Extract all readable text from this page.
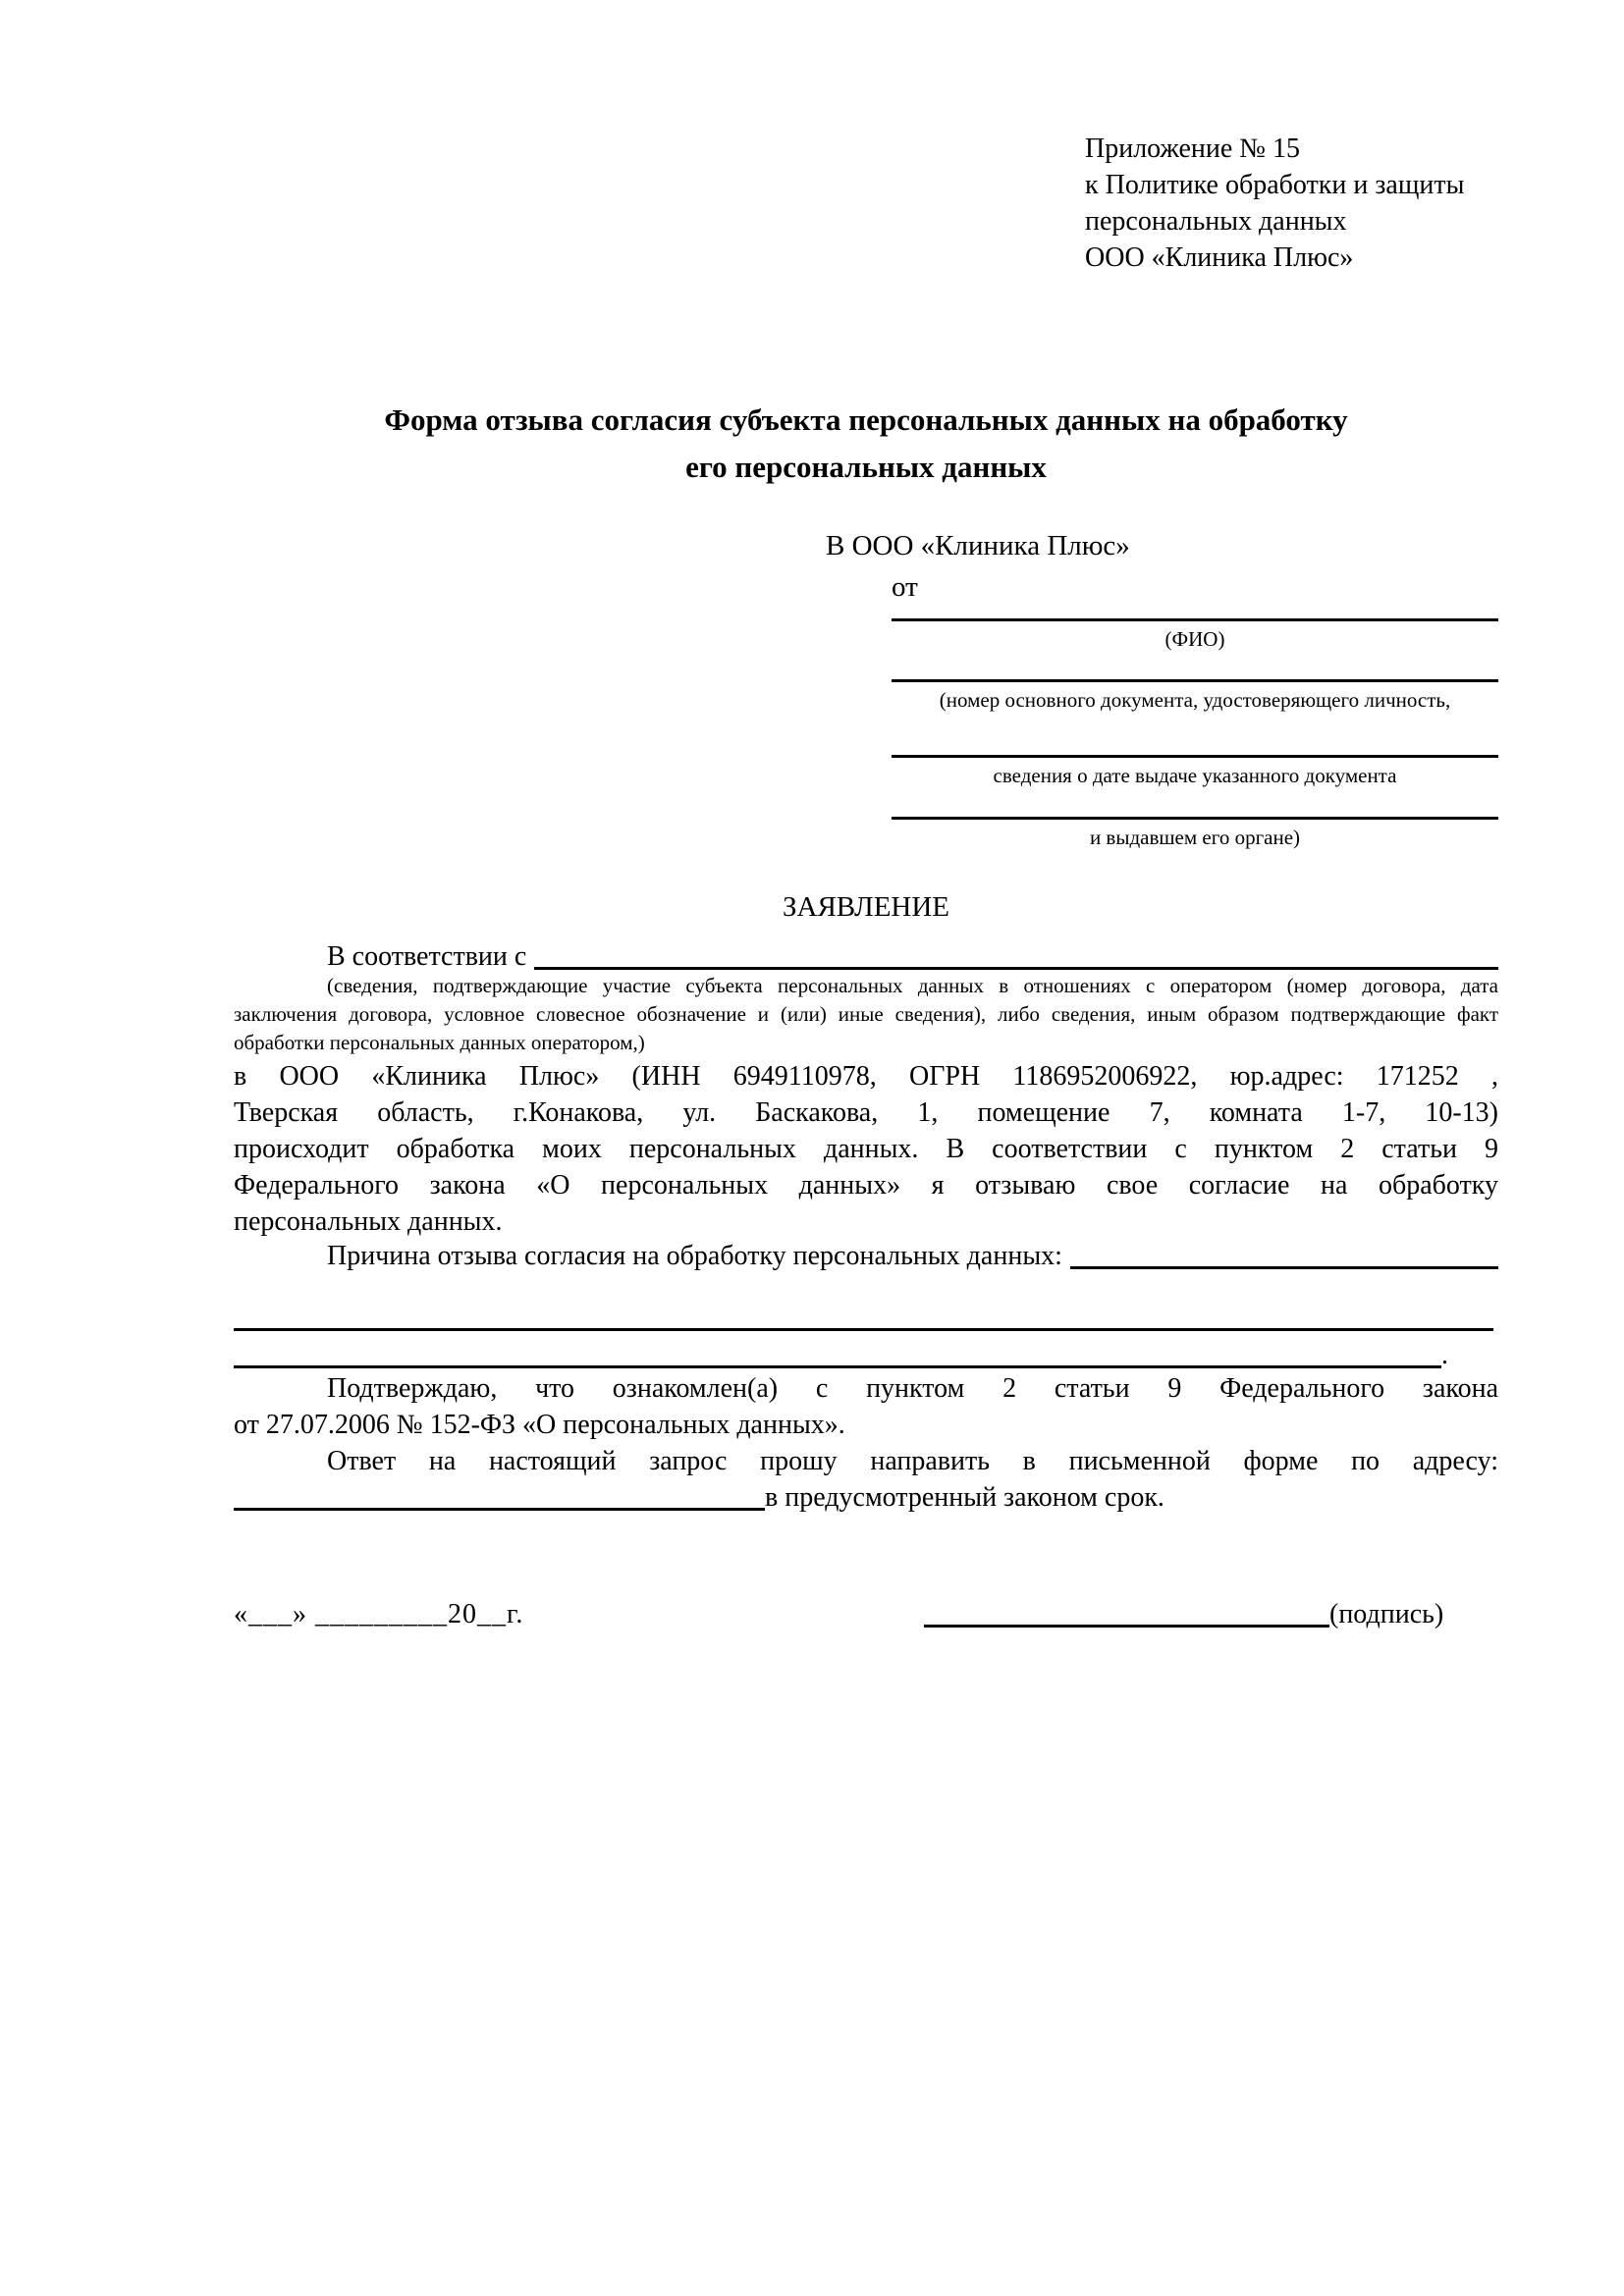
Приложение № 15
к Политике обработки и защиты
персональных данных
ООО «Клиника Плюс»
Форма отзыва согласия субъекта персональных данных на обработку
его персональных данных
В ООО «Клиника Плюс»
от
(ФИО)
(номер основного документа, удостоверяющего личность,
сведения о дате выдаче указанного документа
и выдавшем его органе)
ЗАЯВЛЕНИЕ
В соответствии с
(сведения, подтверждающие участие субъекта персональных данных в отношениях с оператором (номер договора, дата
заключения договора, условное словесное обозначение и (или) иные сведения), либо сведения, иным образом подтверждающие факт
обработки персональных данных оператором,)
в ООО «Клиника Плюс» (ИНН 6949110978, ОГРН 1186952006922, юр.адрес: 171252 ,
Тверская область, г.Конакова, ул. Баскакова, 1, помещение 7, комната 1-7, 10-13)
происходит обработка моих персональных данных. В соответствии с пунктом 2 статьи 9
Федерального закона «О персональных данных» я отзываю свое согласие на обработку
персональных данных.
Причина отзыва согласия на обработку персональных данных:
.
Подтверждаю, что ознакомлен(а) с пунктом 2 статьи 9 Федерального закона
от 27.07.2006 № 152-ФЗ «О персональных данных».
Ответ на настоящий запрос прошу направить в письменной форме по адресу:
в предусмотренный законом срок.
«___» _________20__г.	(подпись)
